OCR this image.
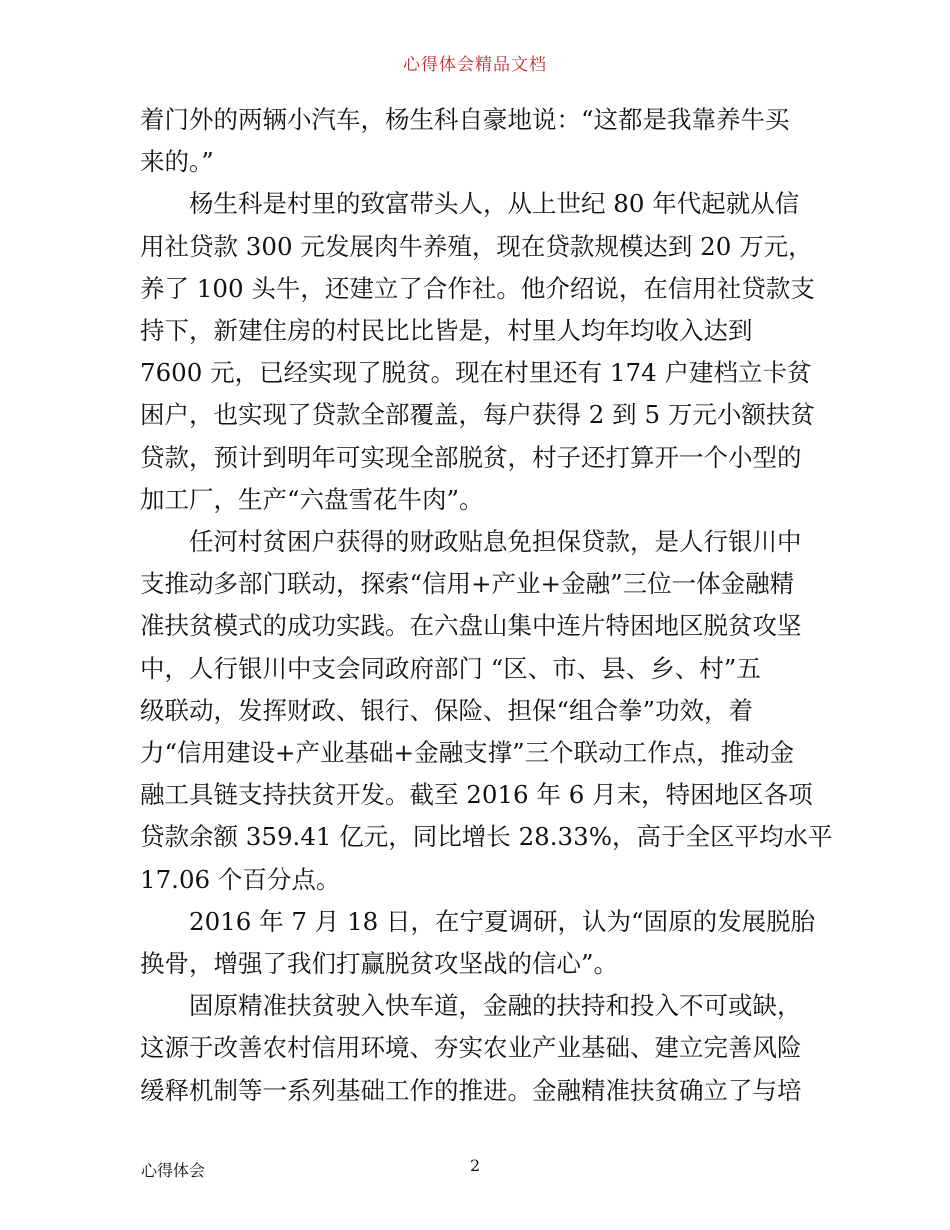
心得体会精品文档

着门外的两辆小汽车，杨生科自豪地说：“这都是我靠养牛买

来的。”

杨生科是村里的致富带头人，从上世纪 80 年代起就从信

用社贷款 300 元发展肉牛养殖，现在贷款规模达到 20 万元，

养了 100 头牛，还建立了合作社。他介绍说，在信用社贷款支

持下，新建住房的村民比比皆是，村里人均年均收入达到

7600 元，已经实现了脱贫。现在村里还有 174 户建档立卡贫

困户，也实现了贷款全部覆盖，每户获得 2 到 5 万元小额扶贫

贷款，预计到明年可实现全部脱贫，村子还打算开一个小型的

加工厂，生产“六盘雪花牛肉”。

任河村贫困户获得的财政贴息免担保贷款，是人行银川中

支推动多部门联动，探索“信用+产业+金融”三位一体金融精

准扶贫模式的成功实践。在六盘山集中连片特困地区脱贫攻坚

中，人行银川中支会同政府部门 “区、市、县、乡、村”五

级联动，发挥财政、银行、保险、担保“组合拳”功效，着

力“信用建设+产业基础+金融支撑”三个联动工作点，推动金

融工具链支持扶贫开发。截至 2016 年 6 月末，特困地区各项

贷款余额 359.41 亿元，同比增长 28.33%，高于全区平均水平

17.06 个百分点。

2016 年 7 月 18 日，在宁夏调研，认为“固原的发展脱胎

换骨，增强了我们打赢脱贫攻坚战的信心”。

固原精准扶贫驶入快车道，金融的扶持和投入不可或缺，

这源于改善农村信用环境、夯实农业产业基础、建立完善风险

缓释机制等一系列基础工作的推进。金融精准扶贫确立了与培

心得体会	2
